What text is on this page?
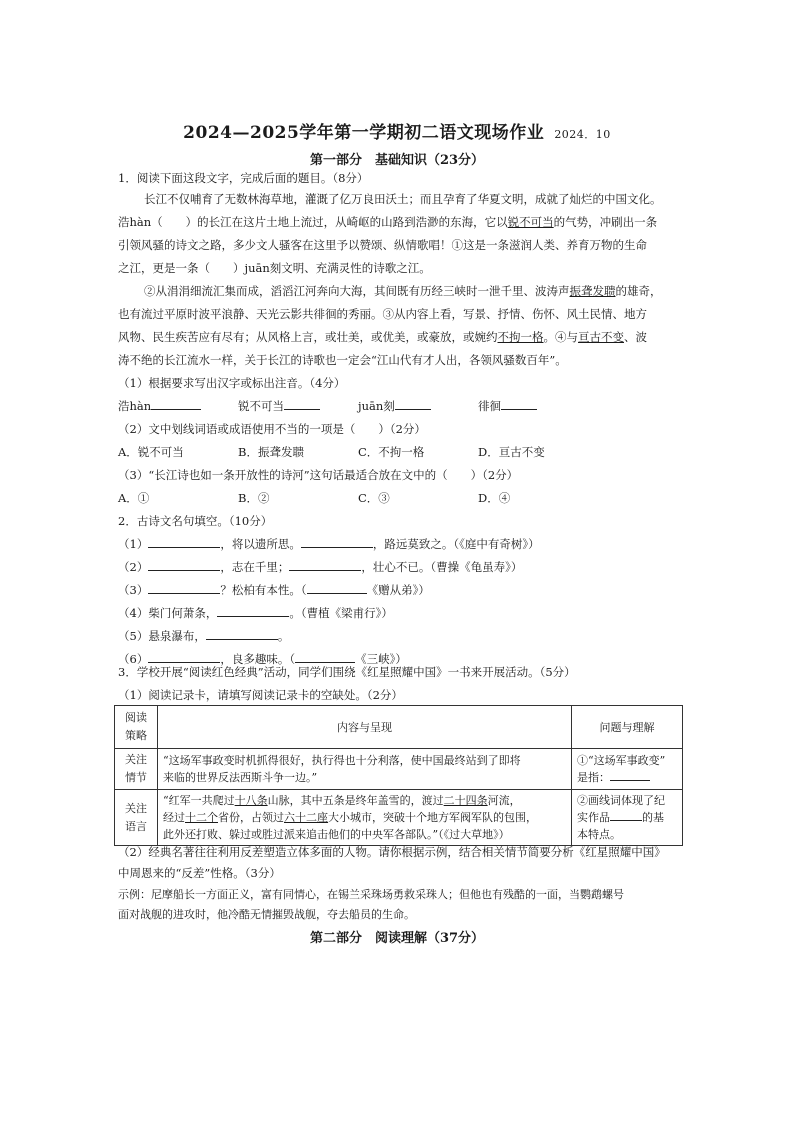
2024—2025学年第一学期初二语文现场作业 2024．10
第一部分　基础知识（23分）
1．阅读下面这段文字，完成后面的题目。（8分）
长江不仅哺育了无数林海草地，灌溉了亿万良田沃土；而且孕育了华夏文明，成就了灿烂的中国文化。
浩hàn（　　）的长江在这片土地上流过，从崎岖的山路到浩渺的东海，它以锐不可当的气势，冲刷出一条
引领风骚的诗文之路，多少文人骚客在这里予以赞颂、纵情歌唱！①这是一条滋润人类、养育万物的生命
之江，更是一条（　　）juān刻文明、充满灵性的诗歌之江。
②从涓涓细流汇集而成，滔滔江河奔向大海，其间既有历经三峡时一泄千里、波涛声振聋发聩的雄奇，
也有流过平原时波平浪静、天光云影共徘徊的秀丽。③从内容上看，写景、抒情、伤怀、风土民情、地方
风物、民生疾苦应有尽有；从风格上言，或壮美，或优美，或豪放，或婉约不拘一格。④与亘古不变、波
涛不绝的长江流水一样，关于长江的诗歌也一定会“江山代有才人出，各领风骚数百年”。
（1）根据要求写出汉字或标出注音。（4分）
浩hàn	锐不可当	juān刻	徘徊
（2）文中划线词语或成语使用不当的一项是（　　）（2分）
A．锐不可当	B．振聋发聩	C．不拘一格	D．亘古不变
（3）“长江诗也如一条开放性的诗河”这句话最适合放在文中的（　　）（2分）
A．①	B．②	C．③	D．④
2．古诗文名句填空。（10分）
（1）	，将以遗所思。	，路远莫致之。（《庭中有奇树》）
（2）	，志在千里；	，壮心不已。（曹操《龟虽寿》）
（3）	？松柏有本性。（	《赠从弟》）
（4）柴门何萧条，	。（曹植《梁甫行》）
（5）悬泉瀑布，	。
（6）	，良多趣味。（	《三峡》）
3．学校开展“阅读红色经典”活动，同学们围绕《红星照耀中国》一书来开展活动。（5分）
阅读
策略	内容与呈现	问题与理解
关注
情节	“这场军事政变时机抓得很好，执行得也十分利落，使中国最终站到了即将
来临的世界反法西斯斗争一边。”	①“这场军事政变”
是指：
关注
语言	“红军一共爬过十八条山脉，其中五条是终年盖雪的，渡过二十四条河流，
经过十二个省份，占领过六十二座大小城市，突破十个地方军阀军队的包围，
此外还打败、躲过或胜过派来追击他们的中央军各部队。”（《过大草地》）	②画线词体现了纪
实作品 的基
本特点。
（1）阅读记录卡，请填写阅读记录卡的空缺处。（2分）
（2）经典名著往往利用反差塑造立体多面的人物。请你根据示例，结合相关情节简要分析《红星照耀中国》
中周恩来的“反差”性格。（3分）
示例：尼摩船长一方面正义，富有同情心，在锡兰采珠场勇救采珠人；但他也有残酷的一面，当鹦鹉螺号
面对战舰的进攻时，他冷酷无情摧毁战舰，夺去船员的生命。
第二部分　阅读理解（37分）
